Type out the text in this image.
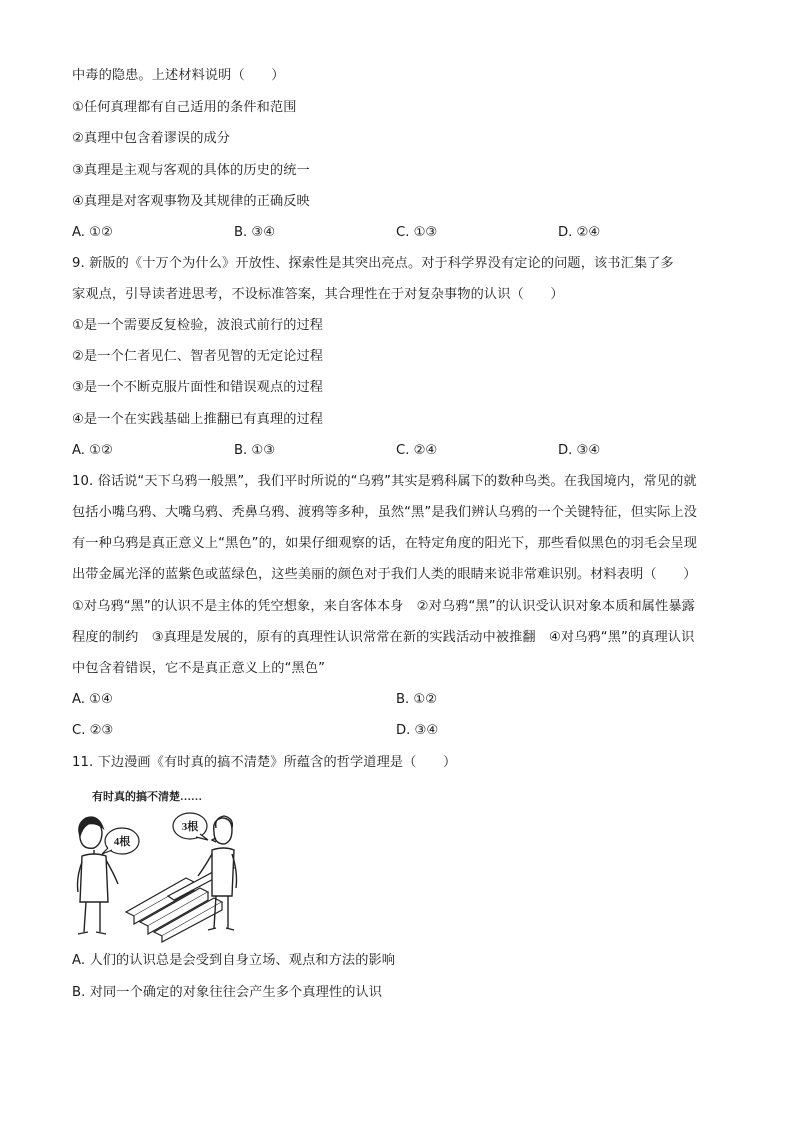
中毒的隐患。上述材料说明（　　）
①任何真理都有自己适用的条件和范围
②真理中包含着谬误的成分
③真理是主观与客观的具体的历史的统一
④真理是对客观事物及其规律的正确反映
A. ①②	B. ③④	C. ①③	D. ②④
9. 新版的《十万个为什么》开放性、探索性是其突出亮点。对于科学界没有定论的问题，该书汇集了多
家观点，引导读者进思考，不设标准答案，其合理性在于对复杂事物的认识（　　）
①是一个需要反复检验，波浪式前行的过程
②是一个仁者见仁、智者见智的无定论过程
③是一个不断克服片面性和错误观点的过程
④是一个在实践基础上推翻已有真理的过程
A. ①②	B. ①③	C. ②④	D. ③④
10. 俗话说“天下乌鸦一般黑”，我们平时所说的“乌鸦”其实是鸦科属下的数种鸟类。在我国境内，常见的就
包括小嘴乌鸦、大嘴乌鸦、秃鼻乌鸦、渡鸦等多种，虽然“黑”是我们辨认乌鸦的一个关键特征，但实际上没
有一种乌鸦是真正意义上“黑色”的，如果仔细观察的话，在特定角度的阳光下，那些看似黑色的羽毛会呈现
出带金属光泽的蓝紫色或蓝绿色，这些美丽的颜色对于我们人类的眼睛来说非常难识别。材料表明（　　）
①对乌鸦“黑”的认识不是主体的凭空想象，来自客体本身　②对乌鸦“黑”的认识受认识对象本质和属性暴露
程度的制约　③真理是发展的，原有的真理性认识常常在新的实践活动中被推翻　④对乌鸦“黑”的真理认识
中包含着错误，它不是真正意义上的“黑色”
A. ①④	B. ①②
C. ②③	D. ③④
11. 下边漫画《有时真的搞不清楚》所蕴含的哲学道理是（　　）
有时真的搞不清楚……
4根
3根
A. 人们的认识总是会受到自身立场、观点和方法的影响
B. 对同一个确定的对象往往会产生多个真理性的认识
